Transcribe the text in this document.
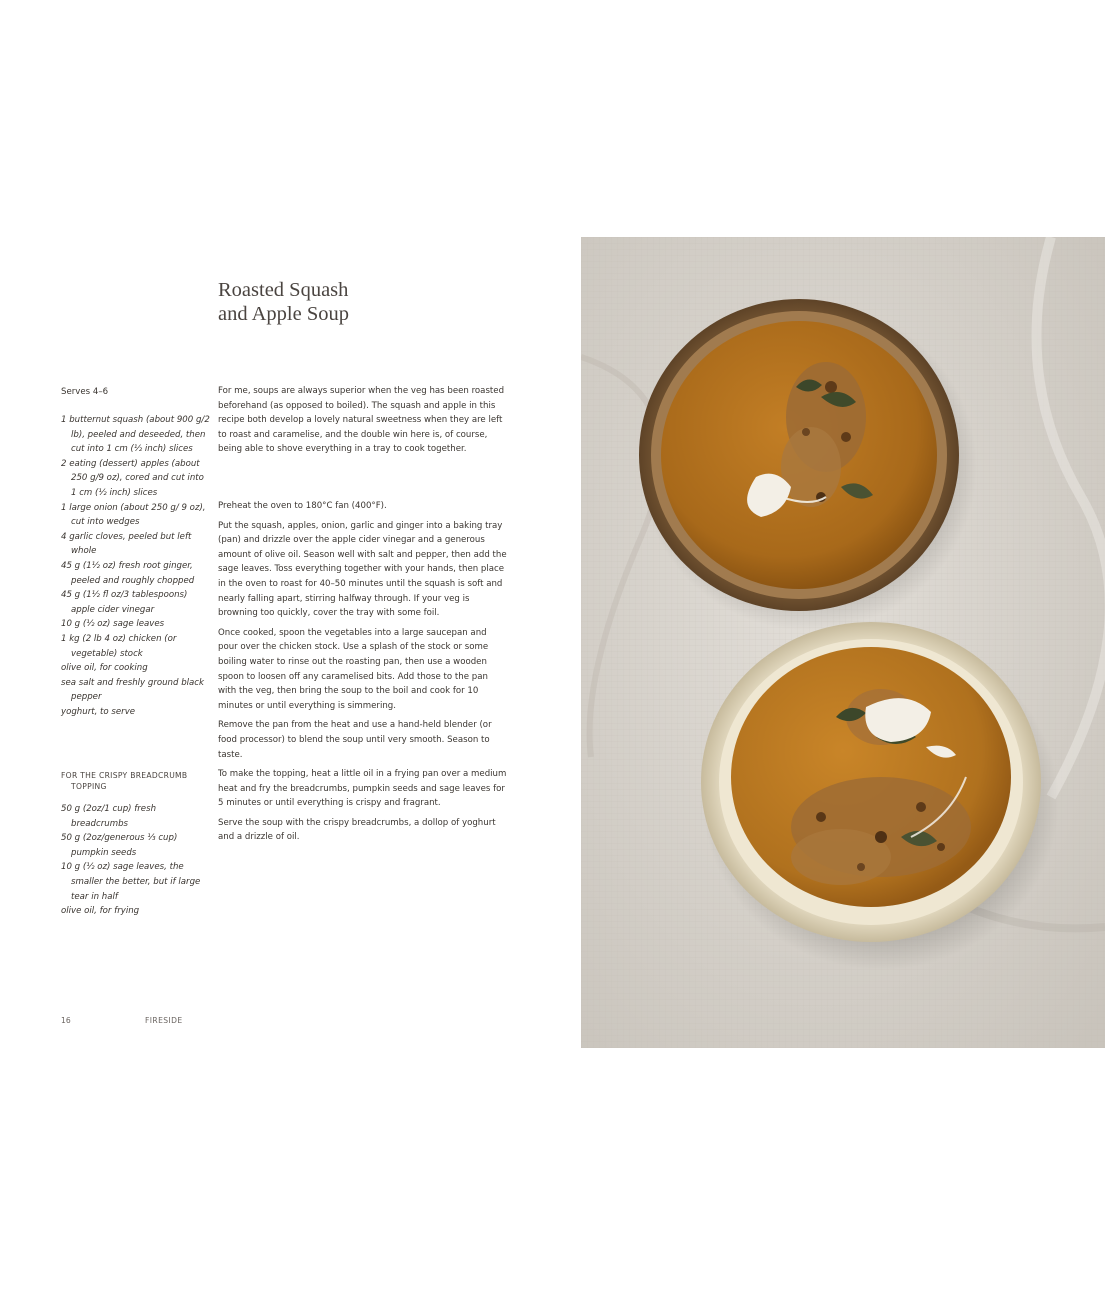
Roasted Squash
and Apple Soup

Serves 4–6

1 butternut squash (about 900 g/2 lb), peeled and deseeded, then cut into 1 cm (½ inch) slices
2 eating (dessert) apples (about 250 g/9 oz), cored and cut into 1 cm (½ inch) slices
1 large onion (about 250 g/ 9 oz), cut into wedges
4 garlic cloves, peeled but left whole
45 g (1½ oz) fresh root ginger, peeled and roughly chopped
45 g (1½ fl oz/3 tablespoons) apple cider vinegar
10 g (½ oz) sage leaves
1 kg (2 lb 4 oz) chicken (or vegetable) stock
olive oil, for cooking
sea salt and freshly ground black pepper
yoghurt, to serve

FOR THE CRISPY BREADCRUMB TOPPING

50 g (2oz/1 cup) fresh breadcrumbs
50 g (2oz/generous ⅓ cup) pumpkin seeds
10 g (½ oz) sage leaves, the smaller the better, but if large tear in half
olive oil, for frying

For me, soups are always superior when the veg has been roasted beforehand (as opposed to boiled). The squash and apple in this recipe both develop a lovely natural sweetness when they are left to roast and caramelise, and the double win here is, of course, being able to shove everything in a tray to cook together.

Preheat the oven to 180°C fan (400°F).

Put the squash, apples, onion, garlic and ginger into a baking tray (pan) and drizzle over the apple cider vinegar and a generous amount of olive oil. Season well with salt and pepper, then add the sage leaves. Toss everything together with your hands, then place in the oven to roast for 40–50 minutes until the squash is soft and nearly falling apart, stirring halfway through. If your veg is browning too quickly, cover the tray with some foil.

Once cooked, spoon the vegetables into a large saucepan and pour over the chicken stock. Use a splash of the stock or some boiling water to rinse out the roasting pan, then use a wooden spoon to loosen off any caramelised bits. Add those to the pan with the veg, then bring the soup to the boil and cook for 10 minutes or until everything is simmering.

Remove the pan from the heat and use a hand-held blender (or food processor) to blend the soup until very smooth. Season to taste.

To make the topping, heat a little oil in a frying pan over a medium heat and fry the breadcrumbs, pumpkin seeds and sage leaves for 5 minutes or until everything is crispy and fragrant.

Serve the soup with the crispy breadcrumbs, a dollop of yoghurt and a drizzle of oil.

16	FIRESIDE
